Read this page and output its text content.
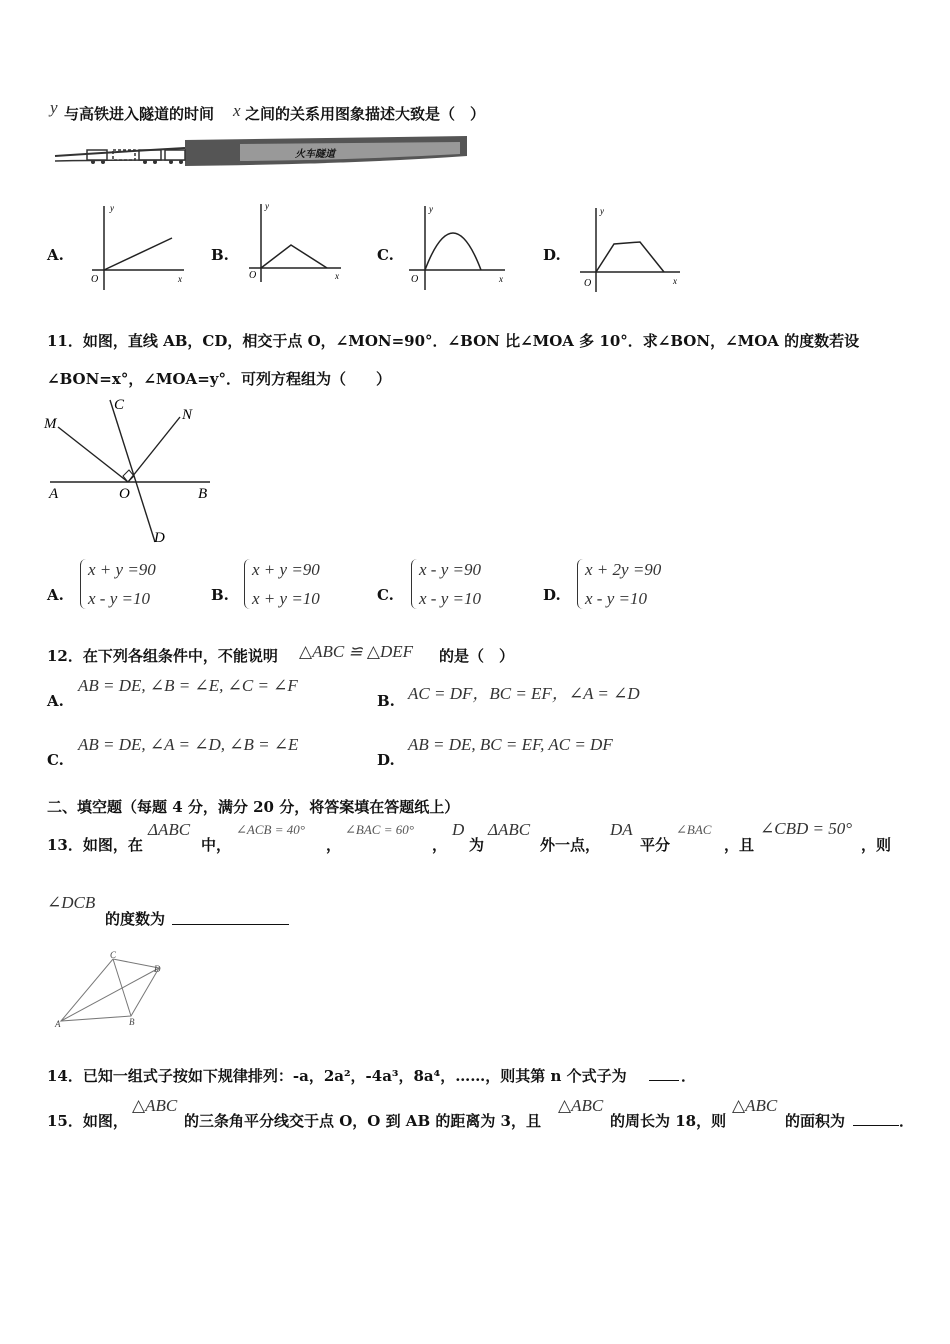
y 与高铁进入隧道的时间 x 之间的关系用图象描述大致是（　）
火车隧道
A.
y
x
O
B.
y
x
O
C.
y
x
O
D.
y
x
O
11．如图，直线 AB，CD，相交于点 O，∠MON=90°．∠BON 比∠MOA 多 10°．求∠BON，∠MOA 的度数若设
∠BON=x°，∠MOA=y°．可列方程组为（　　）
M
C
N
A	O	B
D
A.
x + y =90
x - y =10	B.
x + y =90
x + y =10	C.
x - y =90
x - y =10	D.
x + 2y =90
x - y =10
12．在下列各组条件中，不能说明 △ABC ≌ △DEF 的是（　）
A.
AB = DE, ∠B = ∠E, ∠C = ∠F
B. AC = DF，BC = EF，∠A = ∠D
C.
AB = DE, ∠A = ∠D, ∠B = ∠E
D.
AB = DE, BC = EF, AC = DF
二、填空题（每题 4 分，满分 20 分，将答案填在答题纸上）
13．如图，在
ΔABC
中，
∠ACB = 40°
，
∠BAC = 60°
，
D
为
ΔABC
外一点，
DA
平分
∠BAC
，且
∠CBD = 50°
，则
∠DCB
的度数为
C
D
A	B
14．已知一组式子按如下规律排列：-a，2a²，-4a³，8a⁴，……，则其第 n 个式子为	．
15．如图，
△ABC
的三条角平分线交于点 O，O 到 AB 的距离为 3，且
△ABC
的周长为 18，则
△ABC
的面积为	．
